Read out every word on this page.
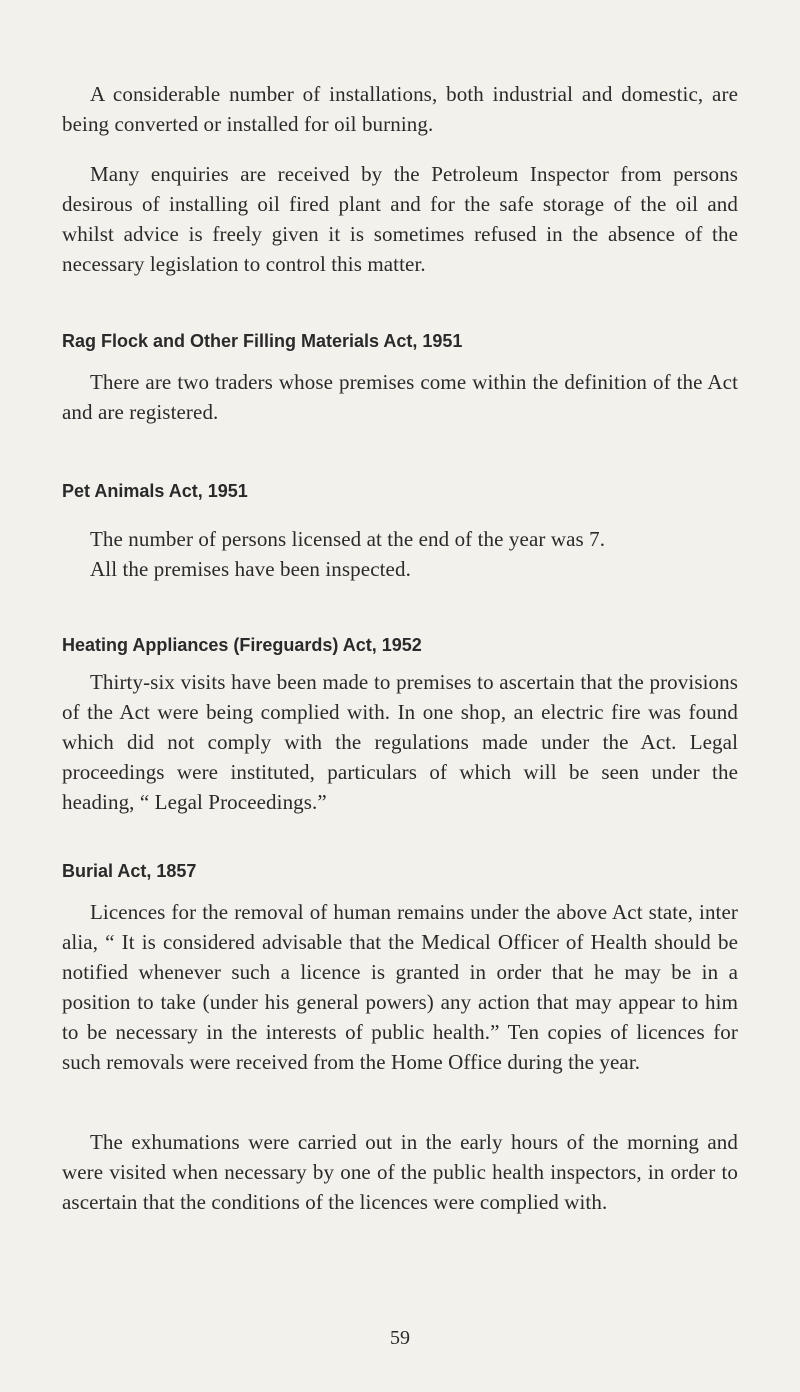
A considerable number of installations, both industrial and domestic, are being converted or installed for oil burning.

Many enquiries are received by the Petroleum Inspector from persons desirous of installing oil fired plant and for the safe storage of the oil and whilst advice is freely given it is sometimes refused in the absence of the necessary legislation to control this matter.

Rag Flock and Other Filling Materials Act, 1951

There are two traders whose premises come within the definition of the Act and are registered.

Pet Animals Act, 1951

The number of persons licensed at the end of the year was 7.

All the premises have been inspected.

Heating Appliances (Fireguards) Act, 1952

Thirty-six visits have been made to premises to ascertain that the provisions of the Act were being complied with. In one shop, an electric fire was found which did not comply with the regulations made under the Act. Legal proceedings were instituted, particulars of which will be seen under the heading, “ Legal Proceedings.”

Burial Act, 1857

Licences for the removal of human remains under the above Act state, inter alia, “ It is considered advisable that the Medical Officer of Health should be notified whenever such a licence is granted in order that he may be in a position to take (under his general powers) any action that may appear to him to be necessary in the interests of public health.” Ten copies of licences for such removals were received from the Home Office during the year.

The exhumations were carried out in the early hours of the morning and were visited when necessary by one of the public health inspectors, in order to ascertain that the conditions of the licences were complied with.

59
